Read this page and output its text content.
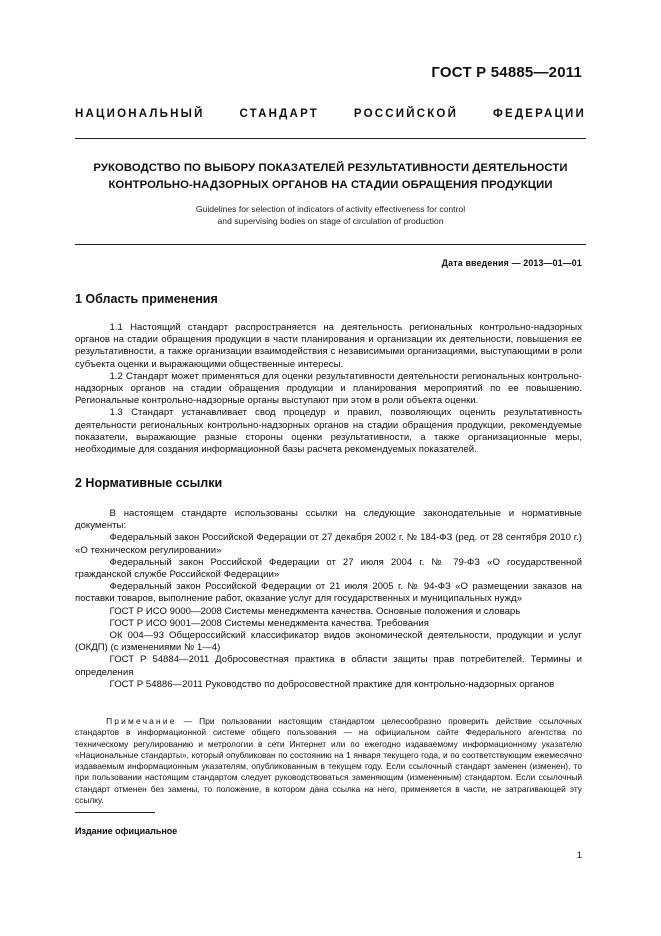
ГОСТ Р 54885—2011
НАЦИОНАЛЬНЫЙ	СТАНДАРТ	РОССИЙСКОЙ	ФЕДЕРАЦИИ
РУКОВОДСТВО ПО ВЫБОРУ ПОКАЗАТЕЛЕЙ РЕЗУЛЬТАТИВНОСТИ ДЕЯТЕЛЬНОСТИ
КОНТРОЛЬНО-НАДЗОРНЫХ ОРГАНОВ НА СТАДИИ ОБРАЩЕНИЯ ПРОДУКЦИИ
Guidelines for selection of indicators of activity effectiveness for control
and supervising bodies on stage of circulation of production
Дата введения — 2013—01—01
1 Область применения

1.1 Настоящий стандарт распространяется на деятельность региональных контрольно-надзорных органов на стадии обращения продукции в части планирования и организации их деятельности, повышения ее результативности, а также организации взаимодействия с независимыми организациями, выступающими в роли субъекта оценки и выражающими общественные интересы.

1.2 Стандарт может применяться для оценки результативности деятельности региональных контрольно-надзорных органов на стадии обращения продукции и планирования мероприятий по ее повышению. Региональные контрольно-надзорные органы выступают при этом в роли объекта оценки.

1.3 Стандарт устанавливает свод процедур и правил, позволяющих оценить результативность деятельности региональных контрольно-надзорных органов на стадии обращения продукции, рекомендуемые показатели, выражающие разные стороны оценки результативности, а также организационные меры, необходимые для создания информационной базы расчета рекомендуемых показателей.

2 Нормативные ссылки

В настоящем стандарте использованы ссылки на следующие законодательные и нормативные документы:

Федеральный закон Российской Федерации от 27 декабря 2002 г. № 184-ФЗ (ред. от 28 сентября 2010 г.) «О техническом регулировании»

Федеральный закон Российской Федерации от 27 июля 2004 г. № 79-ФЗ «О государственной гражданской службе Российской Федерации»

Федеральный закон Российской Федерации от 21 июля 2005 г. № 94-ФЗ «О размещении заказов на поставки товаров, выполнение работ, оказание услуг для государственных и муниципальных нужд»

ГОСТ Р ИСО 9000—2008 Системы менеджмента качества. Основные положения и словарь

ГОСТ Р ИСО 9001—2008 Системы менеджмента качества. Требования

ОК 004—93 Общероссийский классификатор видов экономической деятельности, продукции и услуг (ОКДП) (с изменениями № 1—4)

ГОСТ Р 54884—2011 Добросовестная практика в области защиты прав потребителей. Термины и определения

ГОСТ Р 54886—2011 Руководство по добросовестной практике для контрольно-надзорных органов

Примечание — При пользовании настоящим стандартом целесообразно проверить действие ссылочных стандартов в информационной системе общего пользования — на официальном сайте Федерального агентства по техническому регулированию и метрологии в сети Интернет или по ежегодно издаваемому информационному указателю «Национальные стандарты», который опубликован по состоянию на 1 января текущего года, и по соответствующим ежемесячно издаваемым информационным указателям, опубликованным в текущем году. Если ссылочный стандарт заменен (изменен), то при пользовании настоящим стандартом следует руководствоваться заменяющим (измененным) стандартом. Если ссылочный стандарт отменен без замены, то положение, в котором дана ссылка на него, применяется в части, не затрагивающей эту ссылку.

Издание официальное
1
